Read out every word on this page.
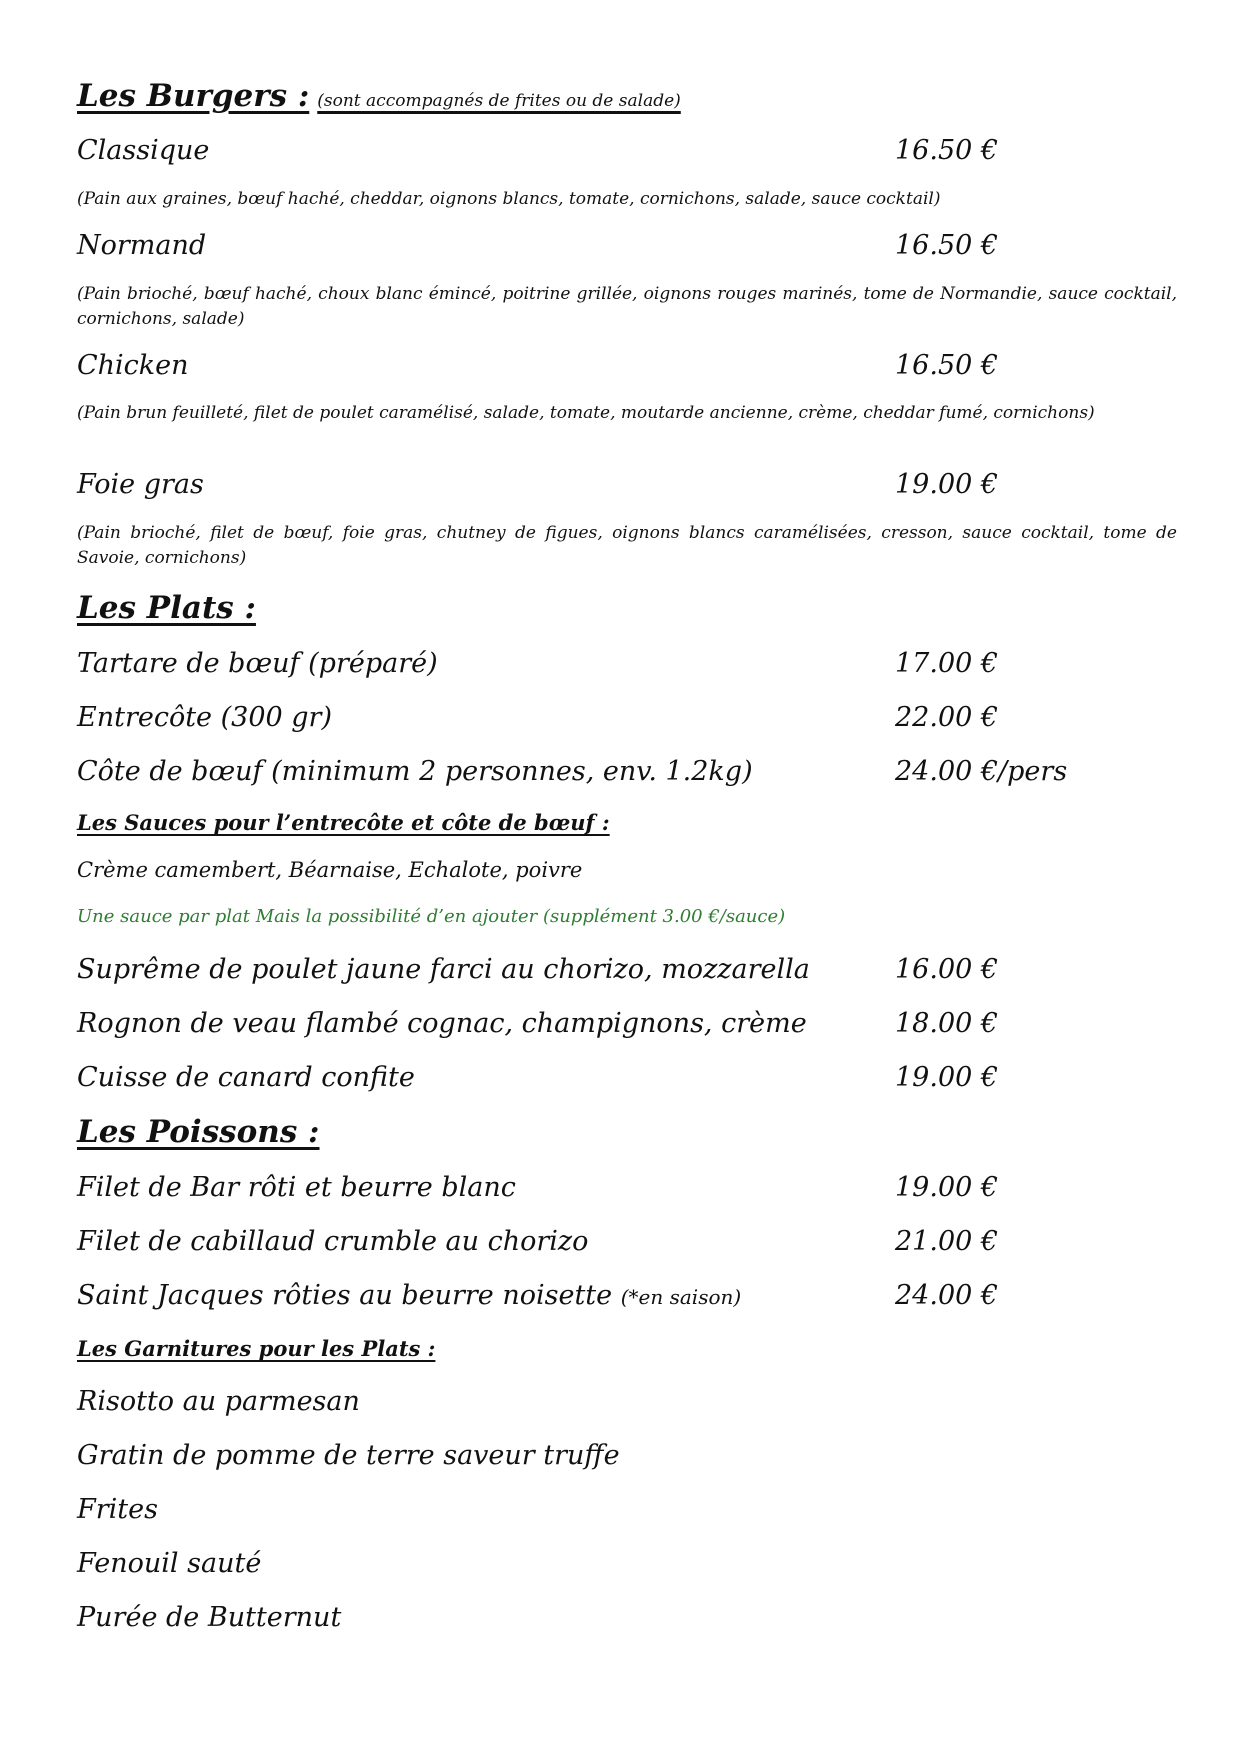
Les Burgers : (sont accompagnés de frites ou de salade)
Classique	16.50 €
(Pain aux graines, bœuf haché, cheddar, oignons blancs, tomate, cornichons, salade, sauce cocktail)
Normand	16.50 €
(Pain brioché, bœuf haché, choux blanc émincé, poitrine grillée, oignons rouges marinés, tome de Normandie, sauce cocktail, cornichons, salade)
Chicken	16.50 €
(Pain brun feuilleté, filet de poulet caramélisé, salade, tomate, moutarde ancienne, crème, cheddar fumé, cornichons)
Foie gras	19.00 €
(Pain brioché, filet de bœuf, foie gras, chutney de figues, oignons blancs caramélisées, cresson, sauce cocktail, tome de Savoie, cornichons)
Les Plats :
Tartare de bœuf (préparé)	17.00 €
Entrecôte (300 gr)	22.00 €
Côte de bœuf (minimum 2 personnes, env. 1.2kg)	24.00 €/pers
Les Sauces pour l’entrecôte et côte de bœuf :
Crème camembert, Béarnaise, Echalote, poivre
Une sauce par plat Mais la possibilité d’en ajouter (supplément 3.00 €/sauce)
Suprême de poulet jaune farci au chorizo, mozzarella	16.00 €
Rognon de veau flambé cognac, champignons, crème	18.00 €
Cuisse de canard confite	19.00 €
Les Poissons :
Filet de Bar rôti et beurre blanc	19.00 €
Filet de cabillaud crumble au chorizo	21.00 €
Saint Jacques rôties au beurre noisette (*en saison)	24.00 €
Les Garnitures pour les Plats :
Risotto au parmesan
Gratin de pomme de terre saveur truffe
Frites
Fenouil sauté
Purée de Butternut
